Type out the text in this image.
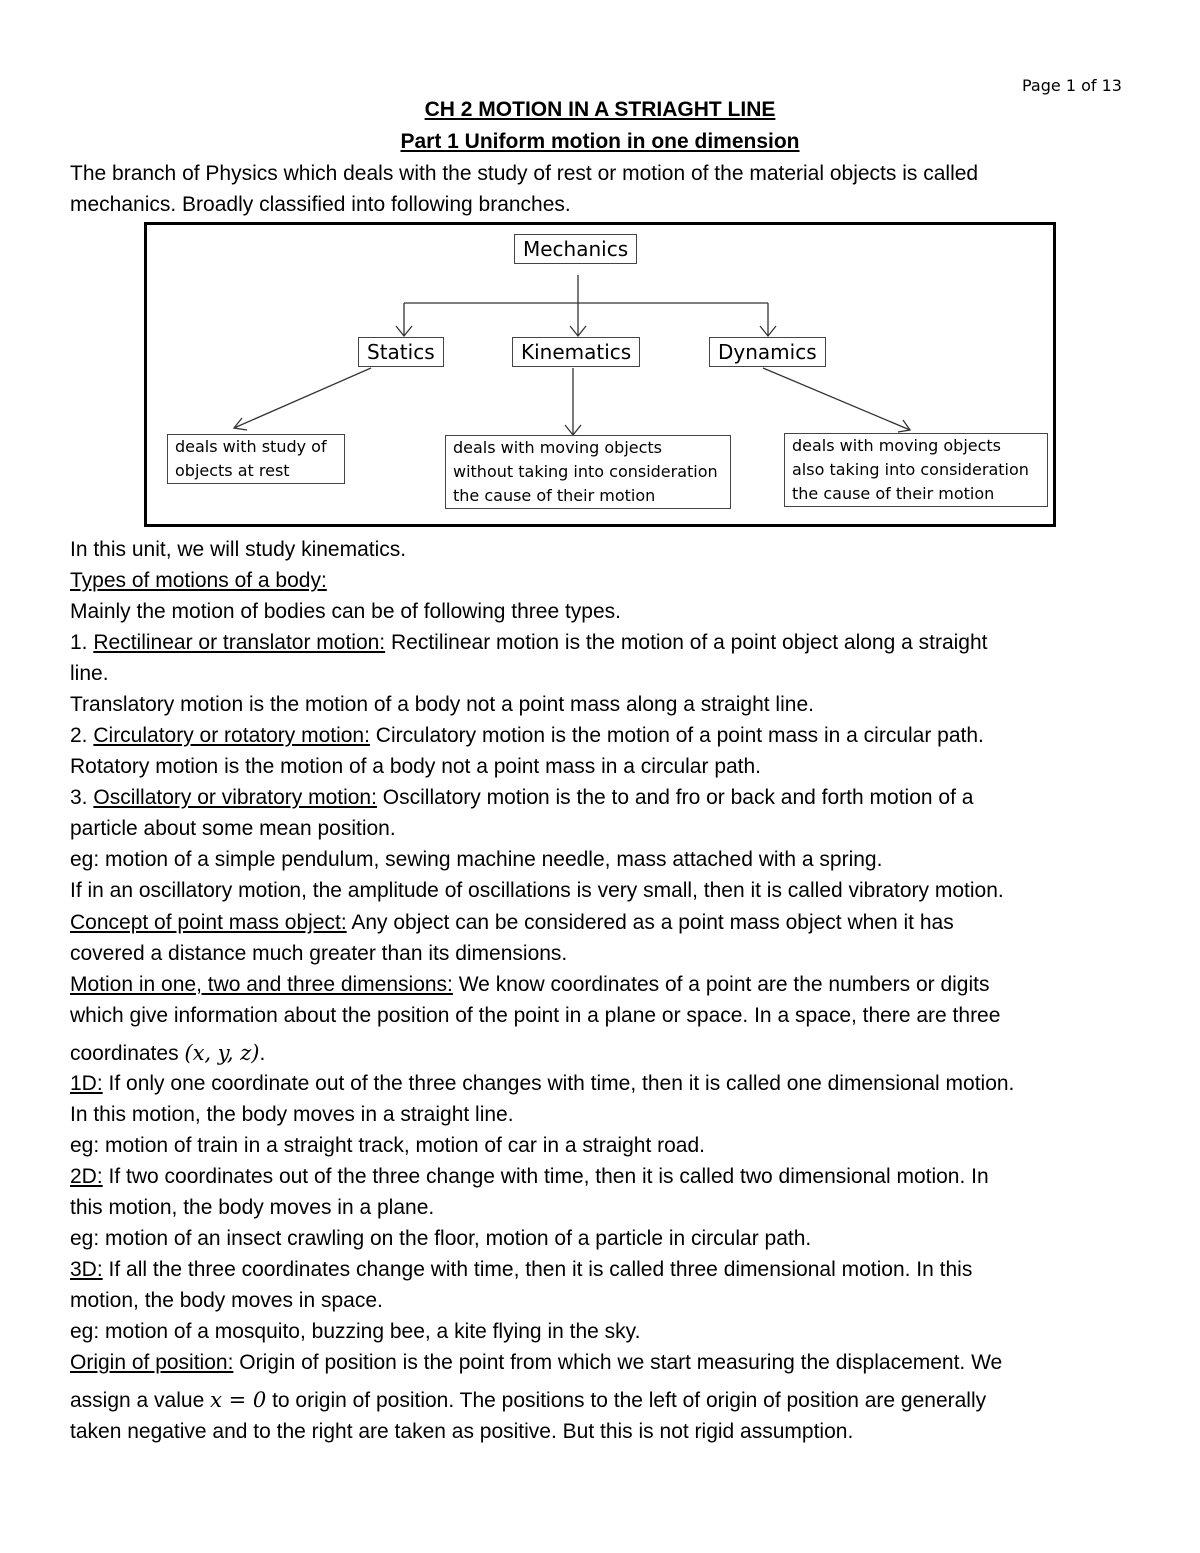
Page 1 of 13
CH 2 MOTION IN A STRIAGHT LINE
Part 1 Uniform motion in one dimension
The branch of Physics which deals with the study of rest or motion of the material objects is called
mechanics. Broadly classified into following branches.
Mechanics
Statics	Kinematics	Dynamics
deals with study of
objects at rest
deals with moving objects
without taking into consideration
the cause of their motion
deals with moving objects
also taking into consideration
the cause of their motion
In this unit, we will study kinematics.
Types of motions of a body:
Mainly the motion of bodies can be of following three types.
1. Rectilinear or translator motion: Rectilinear motion is the motion of a point object along a straight
line.
Translatory motion is the motion of a body not a point mass along a straight line.
2. Circulatory or rotatory motion: Circulatory motion is the motion of a point mass in a circular path.
Rotatory motion is the motion of a body not a point mass in a circular path.
3. Oscillatory or vibratory motion: Oscillatory motion is the to and fro or back and forth motion of a
particle about some mean position.
eg: motion of a simple pendulum, sewing machine needle, mass attached with a spring.
If in an oscillatory motion, the amplitude of oscillations is very small, then it is called vibratory motion.
Concept of point mass object: Any object can be considered as a point mass object when it has
covered a distance much greater than its dimensions.
Motion in one, two and three dimensions: We know coordinates of a point are the numbers or digits
which give information about the position of the point in a plane or space. In a space, there are three
coordinates (x, y, z).
1D: If only one coordinate out of the three changes with time, then it is called one dimensional motion.
In this motion, the body moves in a straight line.
eg: motion of train in a straight track, motion of car in a straight road.
2D: If two coordinates out of the three change with time, then it is called two dimensional motion. In
this motion, the body moves in a plane.
eg: motion of an insect crawling on the floor, motion of a particle in circular path.
3D: If all the three coordinates change with time, then it is called three dimensional motion. In this
motion, the body moves in space.
eg: motion of a mosquito, buzzing bee, a kite flying in the sky.
Origin of position: Origin of position is the point from which we start measuring the displacement. We
assign a value x = 0 to origin of position. The positions to the left of origin of position are generally
taken negative and to the right are taken as positive. But this is not rigid assumption.
